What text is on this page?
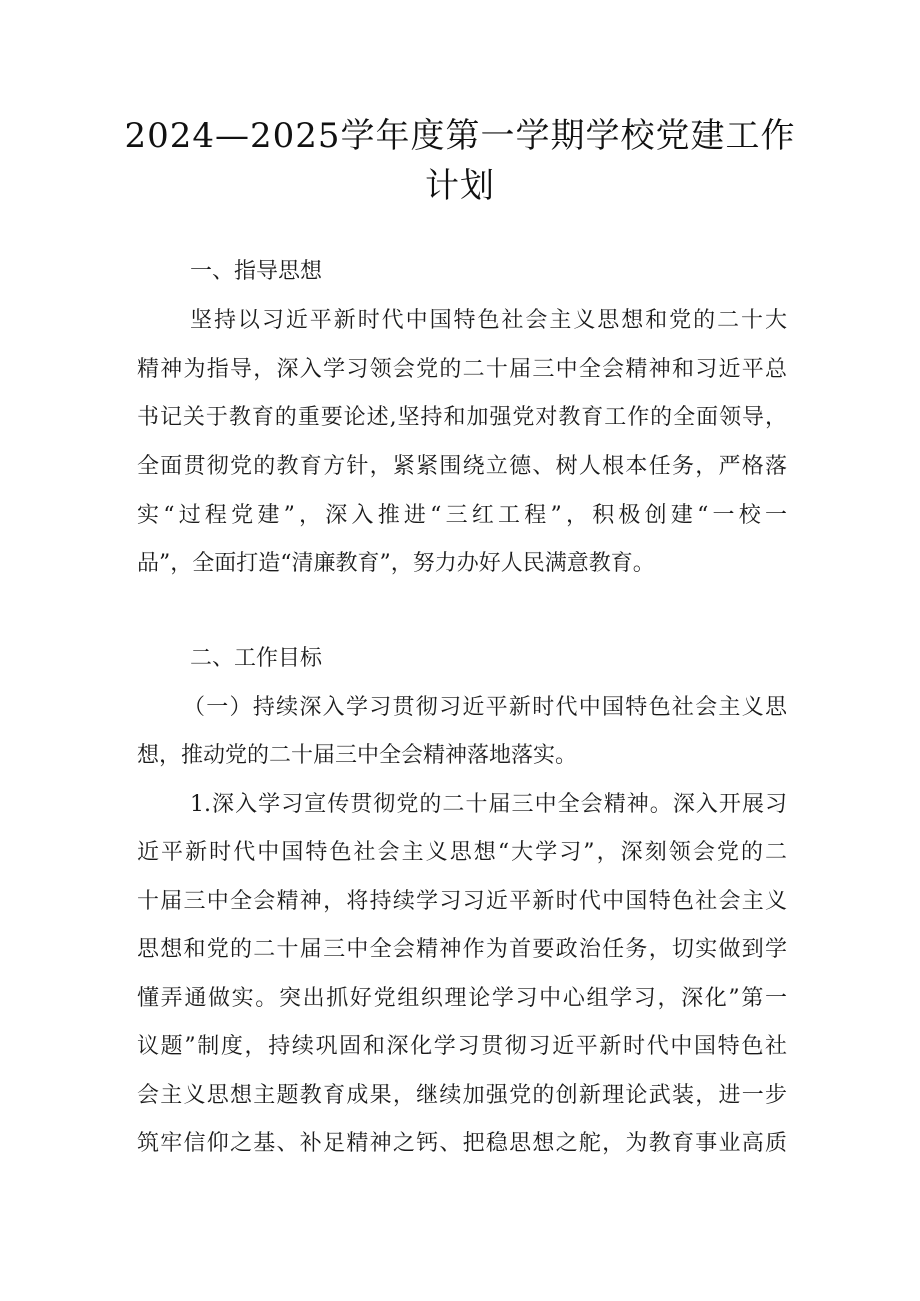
2024—2025学年度第一学期学校党建工作
计划
一、指导思想
坚持以习近平新时代中国特色社会主义思想和党的二十大
精神为指导，深入学习领会党的二十届三中全会精神和习近平总
书记关于教育的重要论述,坚持和加强党对教育工作的全面领导，
全面贯彻党的教育方针，紧紧围绕立德、树人根本任务，严格落
实“过程党建”，深入推进“三红工程”，积极创建“一校一
品”，全面打造“清廉教育”，努力办好人民满意教育。
二、工作目标
（一）持续深入学习贯彻习近平新时代中国特色社会主义思
想，推动党的二十届三中全会精神落地落实。
1.深入学习宣传贯彻党的二十届三中全会精神。深入开展习
近平新时代中国特色社会主义思想“大学习”，深刻领会党的二
十届三中全会精神，将持续学习习近平新时代中国特色社会主义
思想和党的二十届三中全会精神作为首要政治任务，切实做到学
懂弄通做实。突出抓好党组织理论学习中心组学习，深化”第一
议题”制度，持续巩固和深化学习贯彻习近平新时代中国特色社
会主义思想主题教育成果，继续加强党的创新理论武装，进一步
筑牢信仰之基、补足精神之钙、把稳思想之舵，为教育事业高质
